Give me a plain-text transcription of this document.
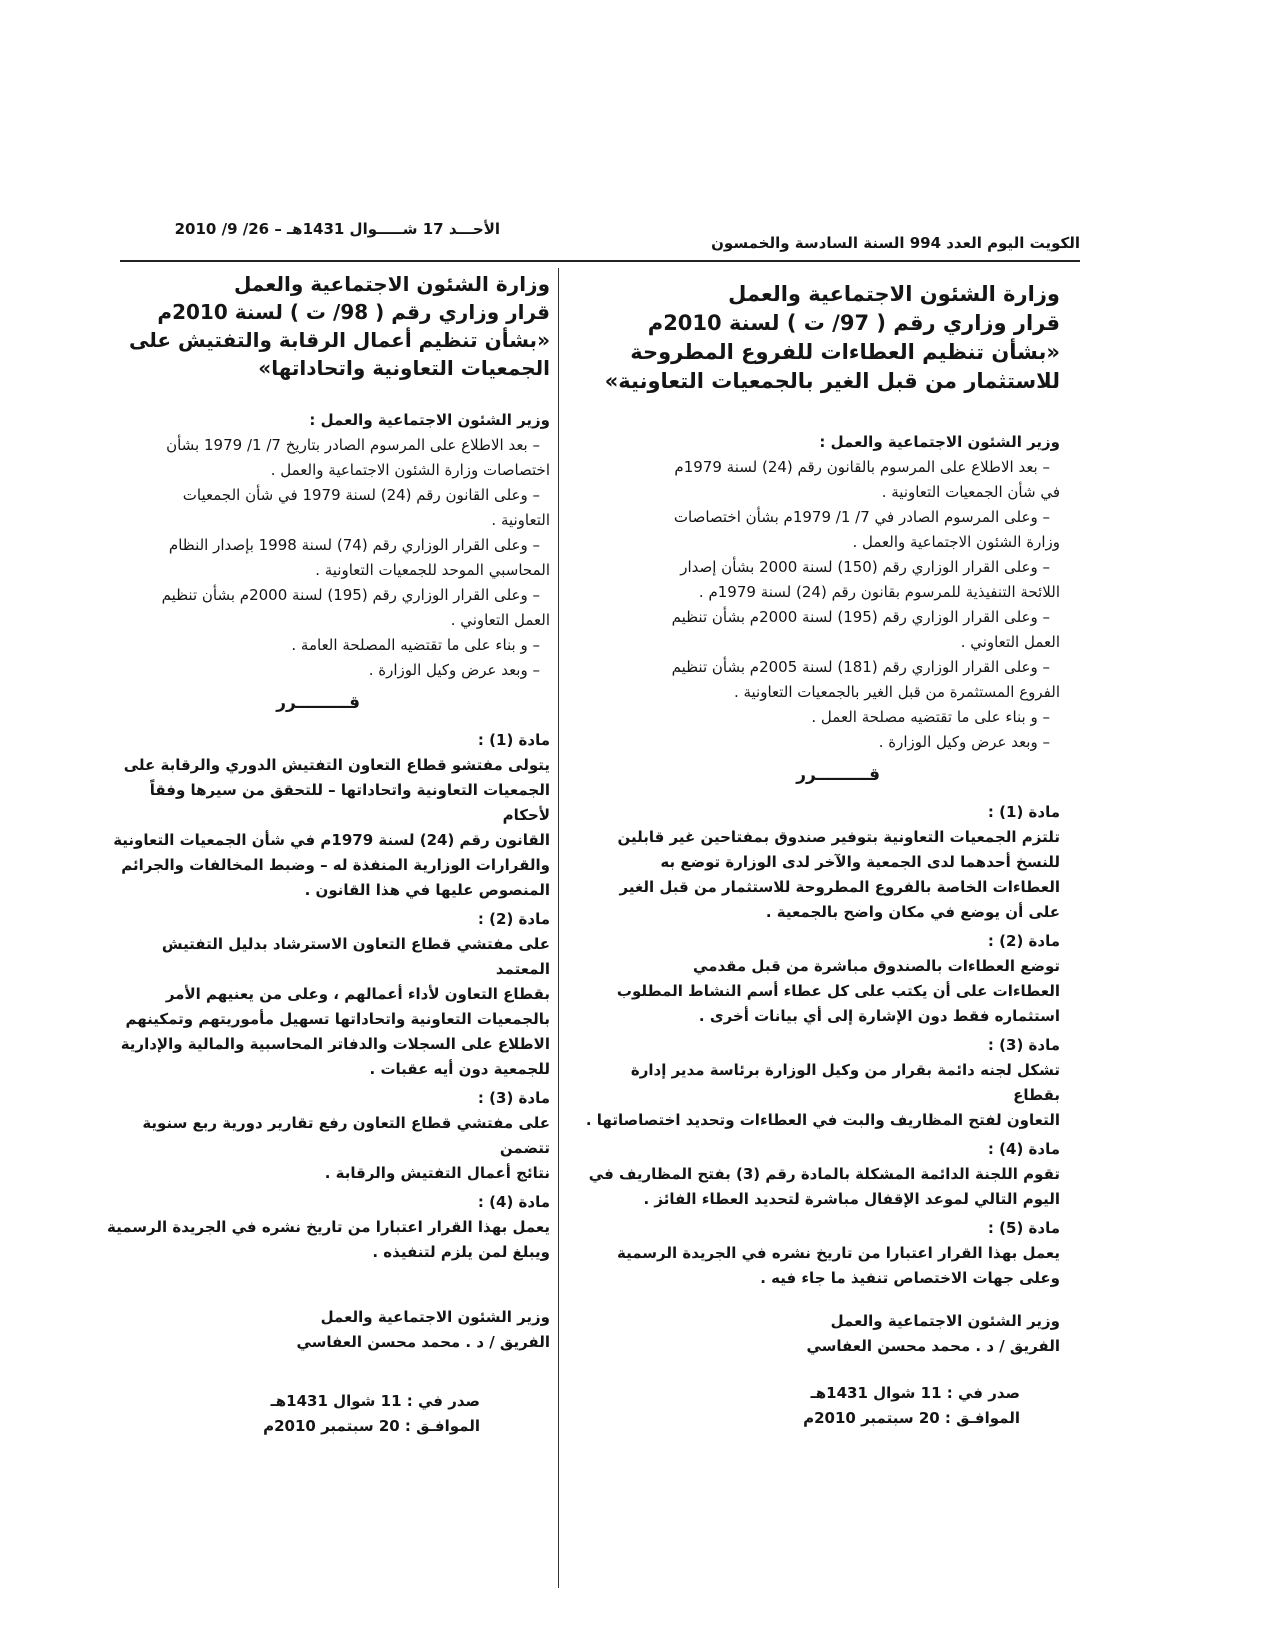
الكويت اليوم العدد 994 السنة السادسة والخمسون
الأحـــد 17 شـــــوال 1431هـ – 26/ 9/ 2010

وزارة الشئون الاجتماعية والعمل

قرار وزاري رقم ( 97/ ت ) لسنة 2010م

«بشأن تنظيم العطاءات للفروع المطروحة

للاستثمار من قبل الغير بالجمعيات التعاونية»

وزير الشئون الاجتماعية والعمل :

– بعد الاطلاع على المرسوم بالقانون رقم (24) لسنة 1979م

في شأن الجمعيات التعاونية .

– وعلى المرسوم الصادر في 7/ 1/ 1979م بشأن اختصاصات

وزارة الشئون الاجتماعية والعمل .

– وعلى القرار الوزاري رقم (150) لسنة 2000 بشأن إصدار

اللائحة التنفيذية للمرسوم بقانون رقم (24) لسنة 1979م .

– وعلى القرار الوزاري رقم (195) لسنة 2000م بشأن تنظيم

العمل التعاوني .

– وعلى القرار الوزاري رقم (181) لسنة 2005م بشأن تنظيم

الفروع المستثمرة من قبل الغير بالجمعيات التعاونية .

– و بناء على ما تقتضيه مصلحة العمل .

– وبعد عرض وكيل الوزارة .

قـــــــــرر

مادة (1) :

تلتزم الجمعيات التعاونية بتوفير صندوق بمفتاحين غير قابلين
للنسخ أحدهما لدى الجمعية والآخر لدى الوزارة توضع به
العطاءات الخاصة بالفروع المطروحة للاستثمار من قبل الغير
على أن يوضع في مكان واضح بالجمعية .

مادة (2) :

توضع العطاءات بالصندوق مباشرة من قبل مقدمي
العطاءات على أن يكتب على كل عطاء أسم النشاط المطلوب
استثماره فقط دون الإشارة إلى أي بيانات أخرى .

مادة (3) :

تشكل لجنه دائمة بقرار من وكيل الوزارة برئاسة مدير إدارة بقطاع
التعاون لفتح المظاريف والبت في العطاءات وتحديد اختصاصاتها .

مادة (4) :

تقوم اللجنة الدائمة المشكلة بالمادة رقم (3) بفتح المظاريف في
اليوم التالي لموعد الإقفال مباشرة لتحديد العطاء الفائز .

مادة (5) :

يعمل بهذا القرار اعتبارا من تاريخ نشره في الجريدة الرسمية
وعلى جهات الاختصاص تنفيذ ما جاء فيه .

وزير الشئون الاجتماعية والعمل

الفريق / د . محمد محسن العفاسي

صدر في : 11 شوال 1431هـ

الموافـق : 20 سبتمبر 2010م

وزارة الشئون الاجتماعية والعمل

قرار وزاري رقم ( 98/ ت ) لسنة 2010م

«بشأن تنظيم أعمال الرقابة والتفتيش على

الجمعيات التعاونية واتحاداتها»

وزير الشئون الاجتماعية والعمل :

– بعد الاطلاع على المرسوم الصادر بتاريخ 7/ 1/ 1979 بشأن

اختصاصات وزارة الشئون الاجتماعية والعمل .

– وعلى القانون رقم (24) لسنة 1979 في شأن الجمعيات

التعاونية .

– وعلى القرار الوزاري رقم (74) لسنة 1998 بإصدار النظام

المحاسبي الموحد للجمعيات التعاونية .

– وعلى القرار الوزاري رقم (195) لسنة 2000م بشأن تنظيم

العمل التعاوني .

– و بناء على ما تقتضيه المصلحة العامة .

– وبعد عرض وكيل الوزارة .

قـــــــــرر

مادة (1) :

يتولى مفتشو قطاع التعاون التفتيش الدوري والرقابة على
الجمعيات التعاونية واتحاداتها – للتحقق من سيرها وفقاً لأحكام
القانون رقم (24) لسنة 1979م في شأن الجمعيات التعاونية
والقرارات الوزارية المنفذة له – وضبط المخالفات والجرائم
المنصوص عليها في هذا القانون .

مادة (2) :

على مفتشي قطاع التعاون الاسترشاد بدليل التفتيش المعتمد
بقطاع التعاون لأداء أعمالهم ، وعلى من يعنيهم الأمر
بالجمعيات التعاونية واتحاداتها تسهيل مأموريتهم وتمكينهم
الاطلاع على السجلات والدفاتر المحاسبية والمالية والإدارية
للجمعية دون أيه عقبات .

مادة (3) :

على مفتشي قطاع التعاون رفع تقارير دورية ربع سنوية تتضمن
نتائج أعمال التفتيش والرقابة .

مادة (4) :

يعمل بهذا القرار اعتبارا من تاريخ نشره في الجريدة الرسمية
ويبلغ لمن يلزم لتنفيذه .

وزير الشئون الاجتماعية والعمل

الفريق / د . محمد محسن العفاسي

صدر في : 11 شوال 1431هـ

الموافـق : 20 سبتمبر 2010م
